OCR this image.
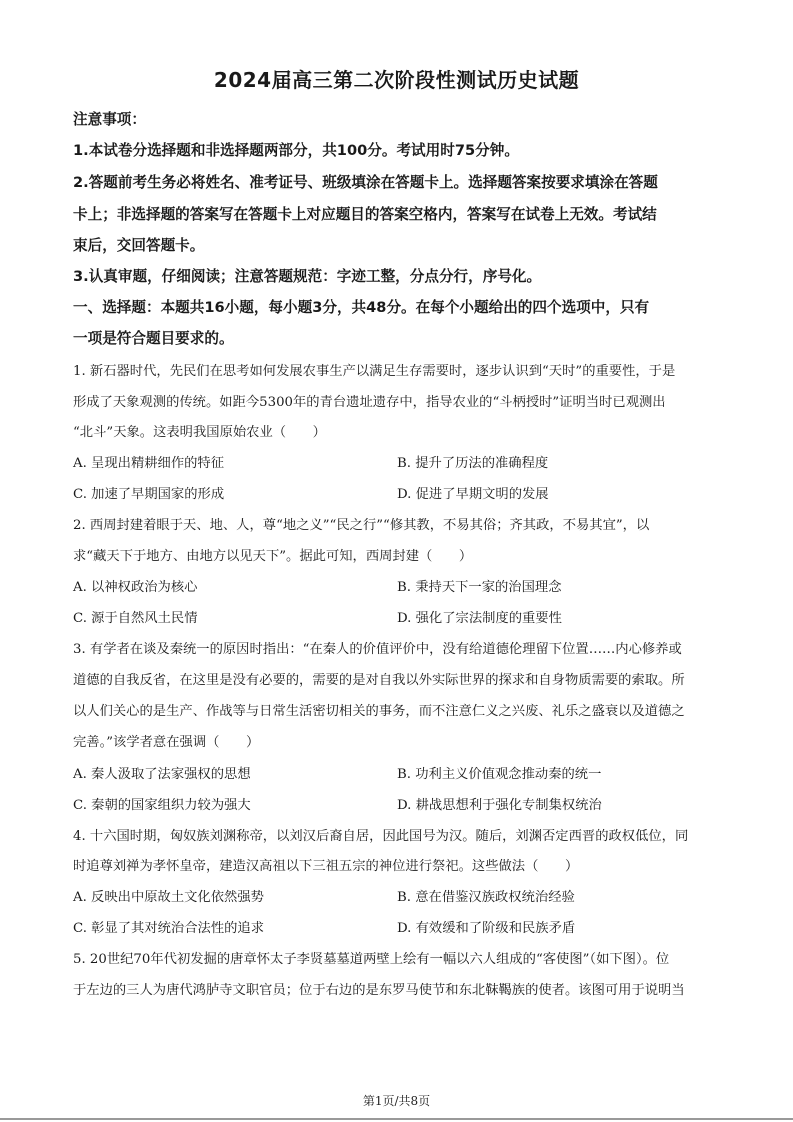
2024届高三第二次阶段性测试历史试题
注意事项：
1.本试卷分选择题和非选择题两部分，共100分。考试用时75分钟。
2.答题前考生务必将姓名、准考证号、班级填涂在答题卡上。选择题答案按要求填涂在答题
卡上；非选择题的答案写在答题卡上对应题目的答案空格内，答案写在试卷上无效。考试结
束后，交回答题卡。
3.认真审题，仔细阅读；注意答题规范：字迹工整，分点分行，序号化。
一、选择题：本题共16小题，每小题3分，共48分。在每个小题给出的四个选项中，只有
一项是符合题目要求的。
1. 新石器时代，先民们在思考如何发展农事生产以满足生存需要时，逐步认识到“天时”的重要性，于是
形成了天象观测的传统。如距今5300年的青台遗址遗存中，指导农业的“斗柄授时”证明当时已观测出
“北斗”天象。这表明我国原始农业（　　）
A. 呈现出精耕细作的特征	B. 提升了历法的准确程度
C. 加速了早期国家的形成	D. 促进了早期文明的发展
2. 西周封建着眼于天、地、人，尊“地之义”“民之行”“修其教，不易其俗；齐其政，不易其宜”，以
求“藏天下于地方、由地方以见天下”。据此可知，西周封建（　　）
A. 以神权政治为核心	B. 秉持天下一家的治国理念
C. 源于自然风土民情	D. 强化了宗法制度的重要性
3. 有学者在谈及秦统一的原因时指出：“在秦人的价值评价中，没有给道德伦理留下位置……内心修养或
道德的自我反省，在这里是没有必要的，需要的是对自我以外实际世界的探求和自身物质需要的索取。所
以人们关心的是生产、作战等与日常生活密切相关的事务，而不注意仁义之兴废、礼乐之盛衰以及道德之
完善。”该学者意在强调（　　）
A. 秦人汲取了法家强权的思想	B. 功利主义价值观念推动秦的统一
C. 秦朝的国家组织力较为强大	D. 耕战思想利于强化专制集权统治
4. 十六国时期，匈奴族刘渊称帝，以刘汉后裔自居，因此国号为汉。随后，刘渊否定西晋的政权低位，同
时追尊刘禅为孝怀皇帝，建造汉高祖以下三祖五宗的神位进行祭祀。这些做法（　　）
A. 反映出中原故土文化依然强势	B. 意在借鉴汉族政权统治经验
C. 彰显了其对统治合法性的追求	D. 有效缓和了阶级和民族矛盾
5. 20世纪70年代初发掘的唐章怀太子李贤墓墓道两壁上绘有一幅以六人组成的“客使图”（如下图）。位
于左边的三人为唐代鸿胪寺文职官员；位于右边的是东罗马使节和东北靺鞨族的使者。该图可用于说明当
第1页/共8页
